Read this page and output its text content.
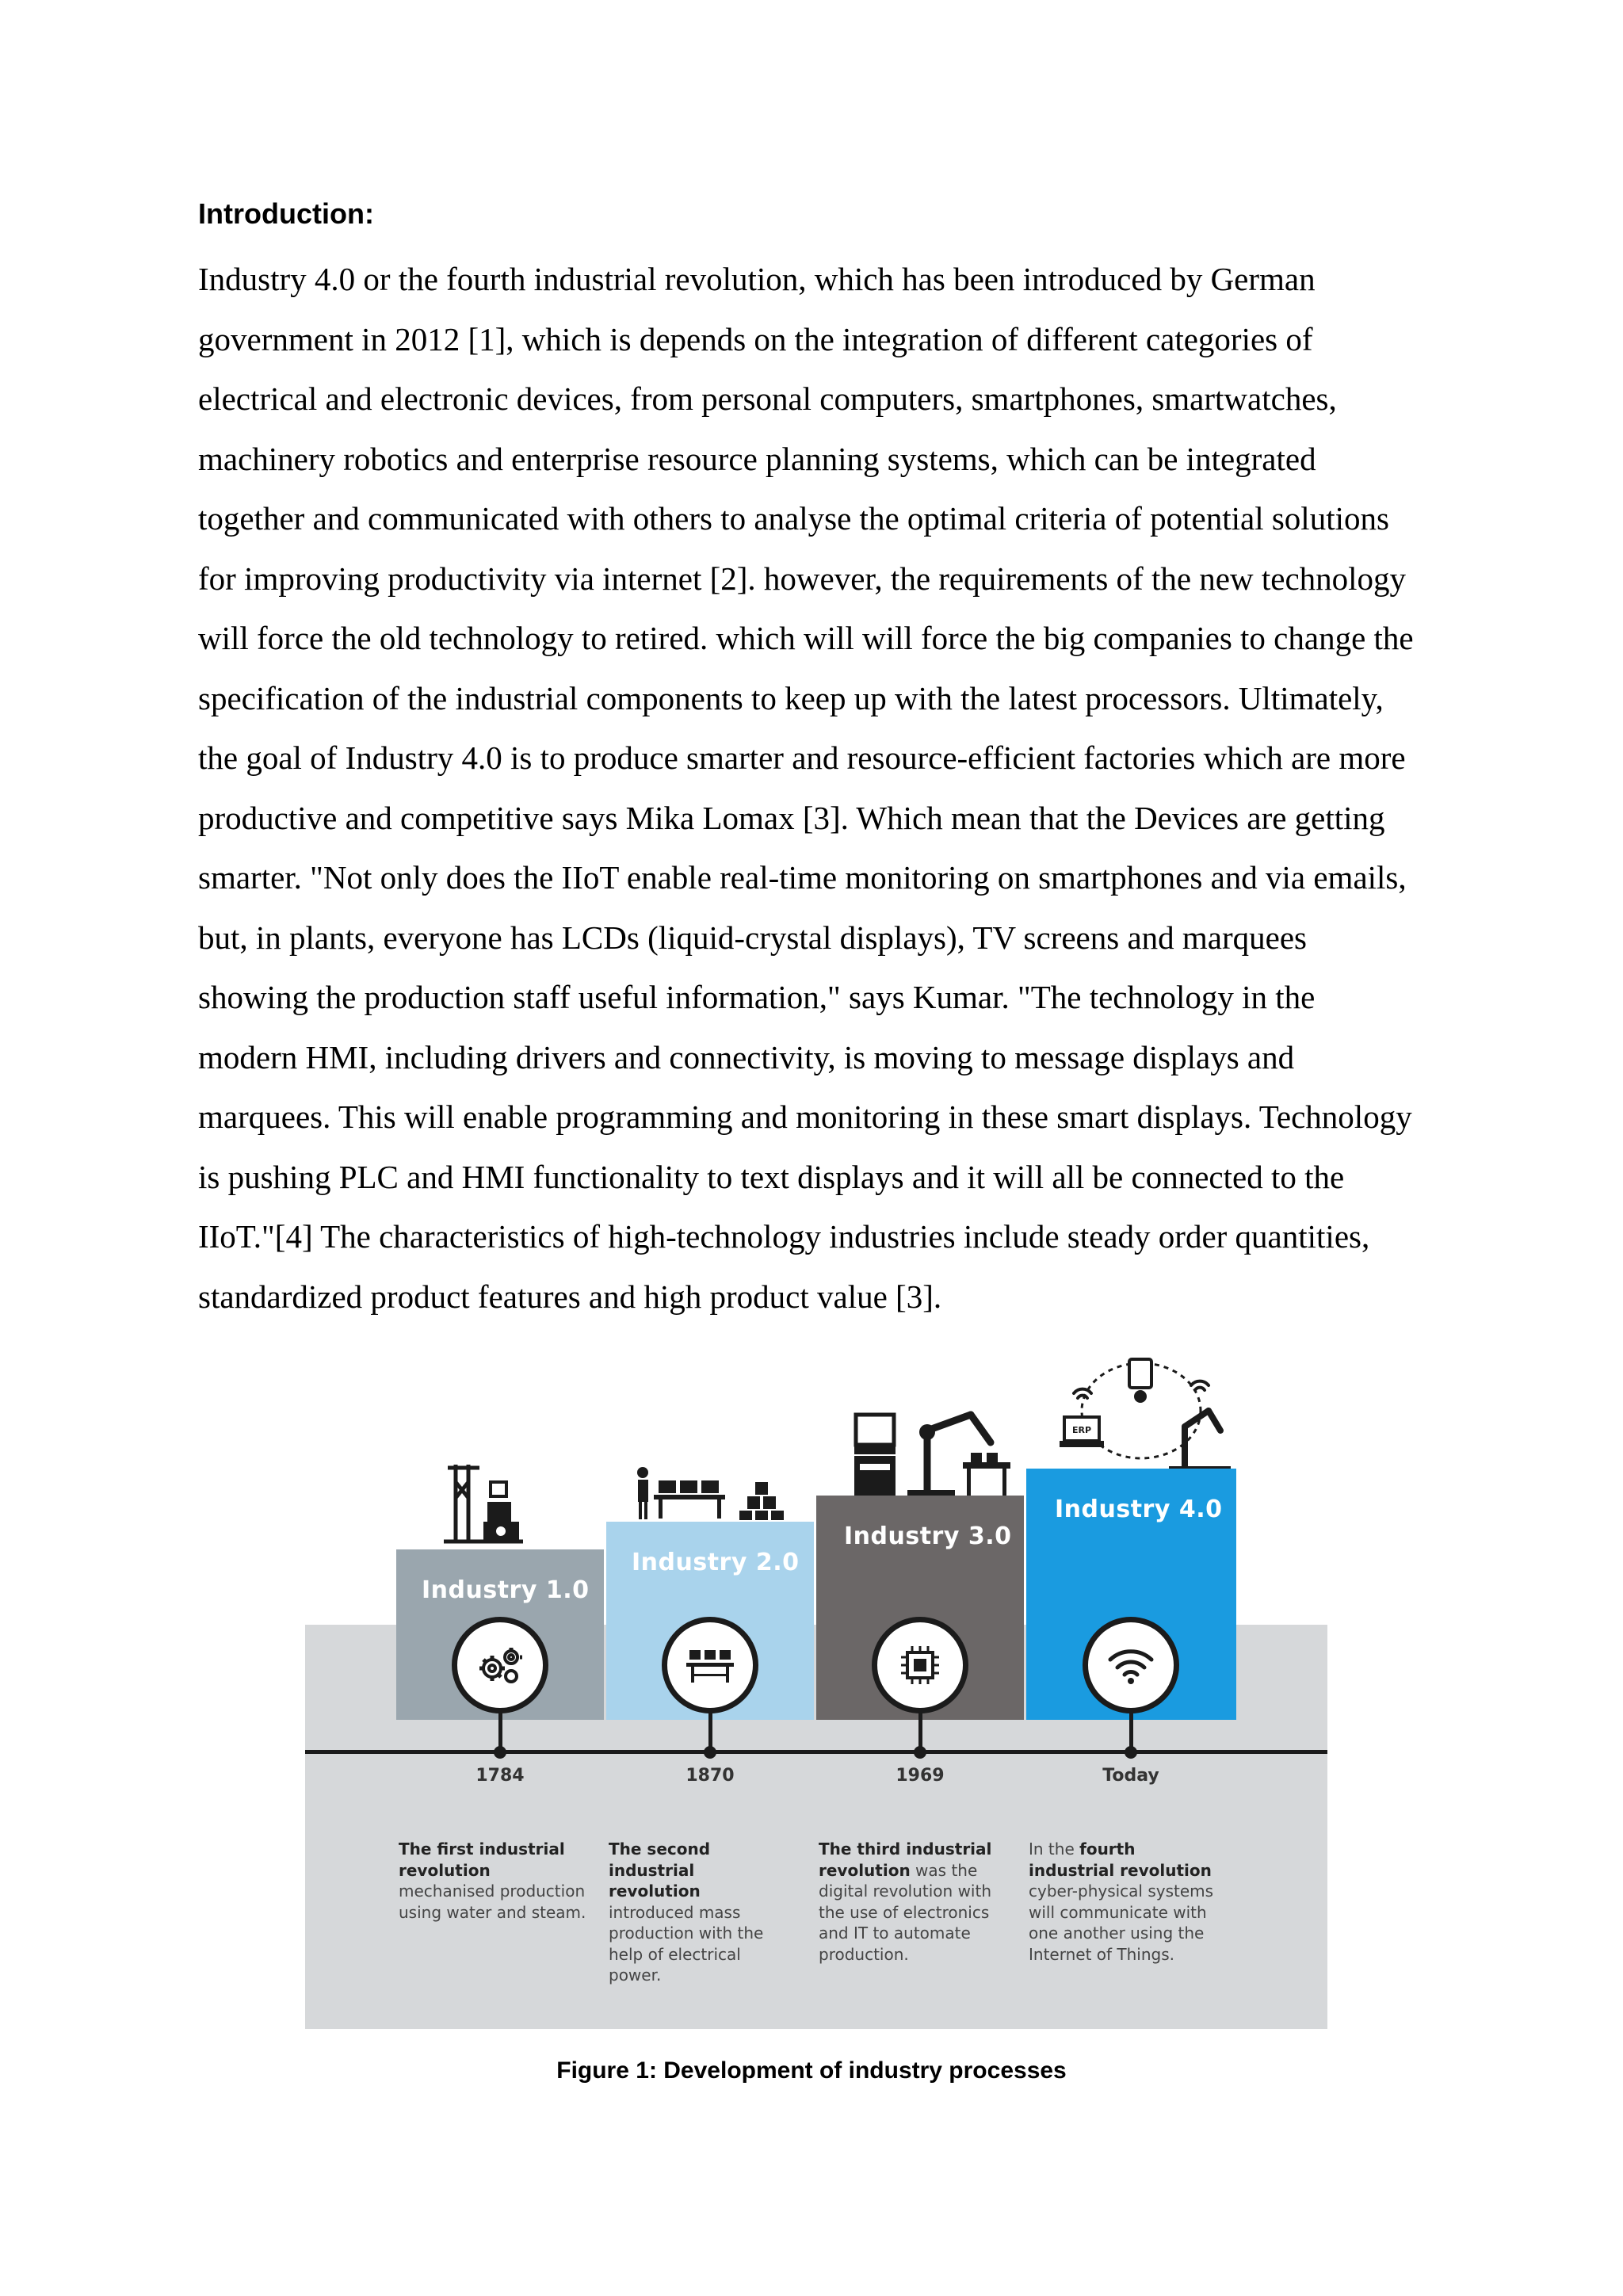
Introduction:
Industry 4.0 or the fourth industrial revolution, which has been introduced by German
government in 2012 [1], which is depends on the integration of different categories of
electrical and electronic devices, from personal computers, smartphones, smartwatches,
machinery robotics and enterprise resource planning systems, which can be integrated
together and communicated with others to analyse the optimal criteria of potential solutions
for improving productivity via internet [2]. however, the requirements of the new technology
will force the old technology to retired. which will will force the big companies to change the
specification of the industrial components to keep up with the latest processors. Ultimately,
the goal of Industry 4.0 is to produce smarter and resource-efficient factories which are more
productive and competitive says Mika Lomax [3]. Which mean that the Devices are getting
smarter. "Not only does the IIoT enable real-time monitoring on smartphones and via emails,
but, in plants, everyone has LCDs (liquid-crystal displays), TV screens and marquees
showing the production staff useful information," says Kumar. "The technology in the
modern HMI, including drivers and connectivity, is moving to message displays and
marquees. This will enable programming and monitoring in these smart displays. Technology
is pushing PLC and HMI functionality to text displays and it will all be connected to the
IIoT."[4] The characteristics of high-technology industries include steady order quantities,
standardized product features and high product value [3].
ERP
Industry 1.0
Industry 2.0
Industry 3.0
Industry 4.0
1784	1870	1969	Today
The first industrial revolution mechanised production using water and steam.
The second industrial revolution introduced mass production with the help of electrical power.
The third industrial revolution was the digital revolution with the use of electronics and IT to automate production.
In the fourth industrial revolution cyber-physical systems will communicate with one another using the Internet of Things.
Figure 1: Development of industry processes
